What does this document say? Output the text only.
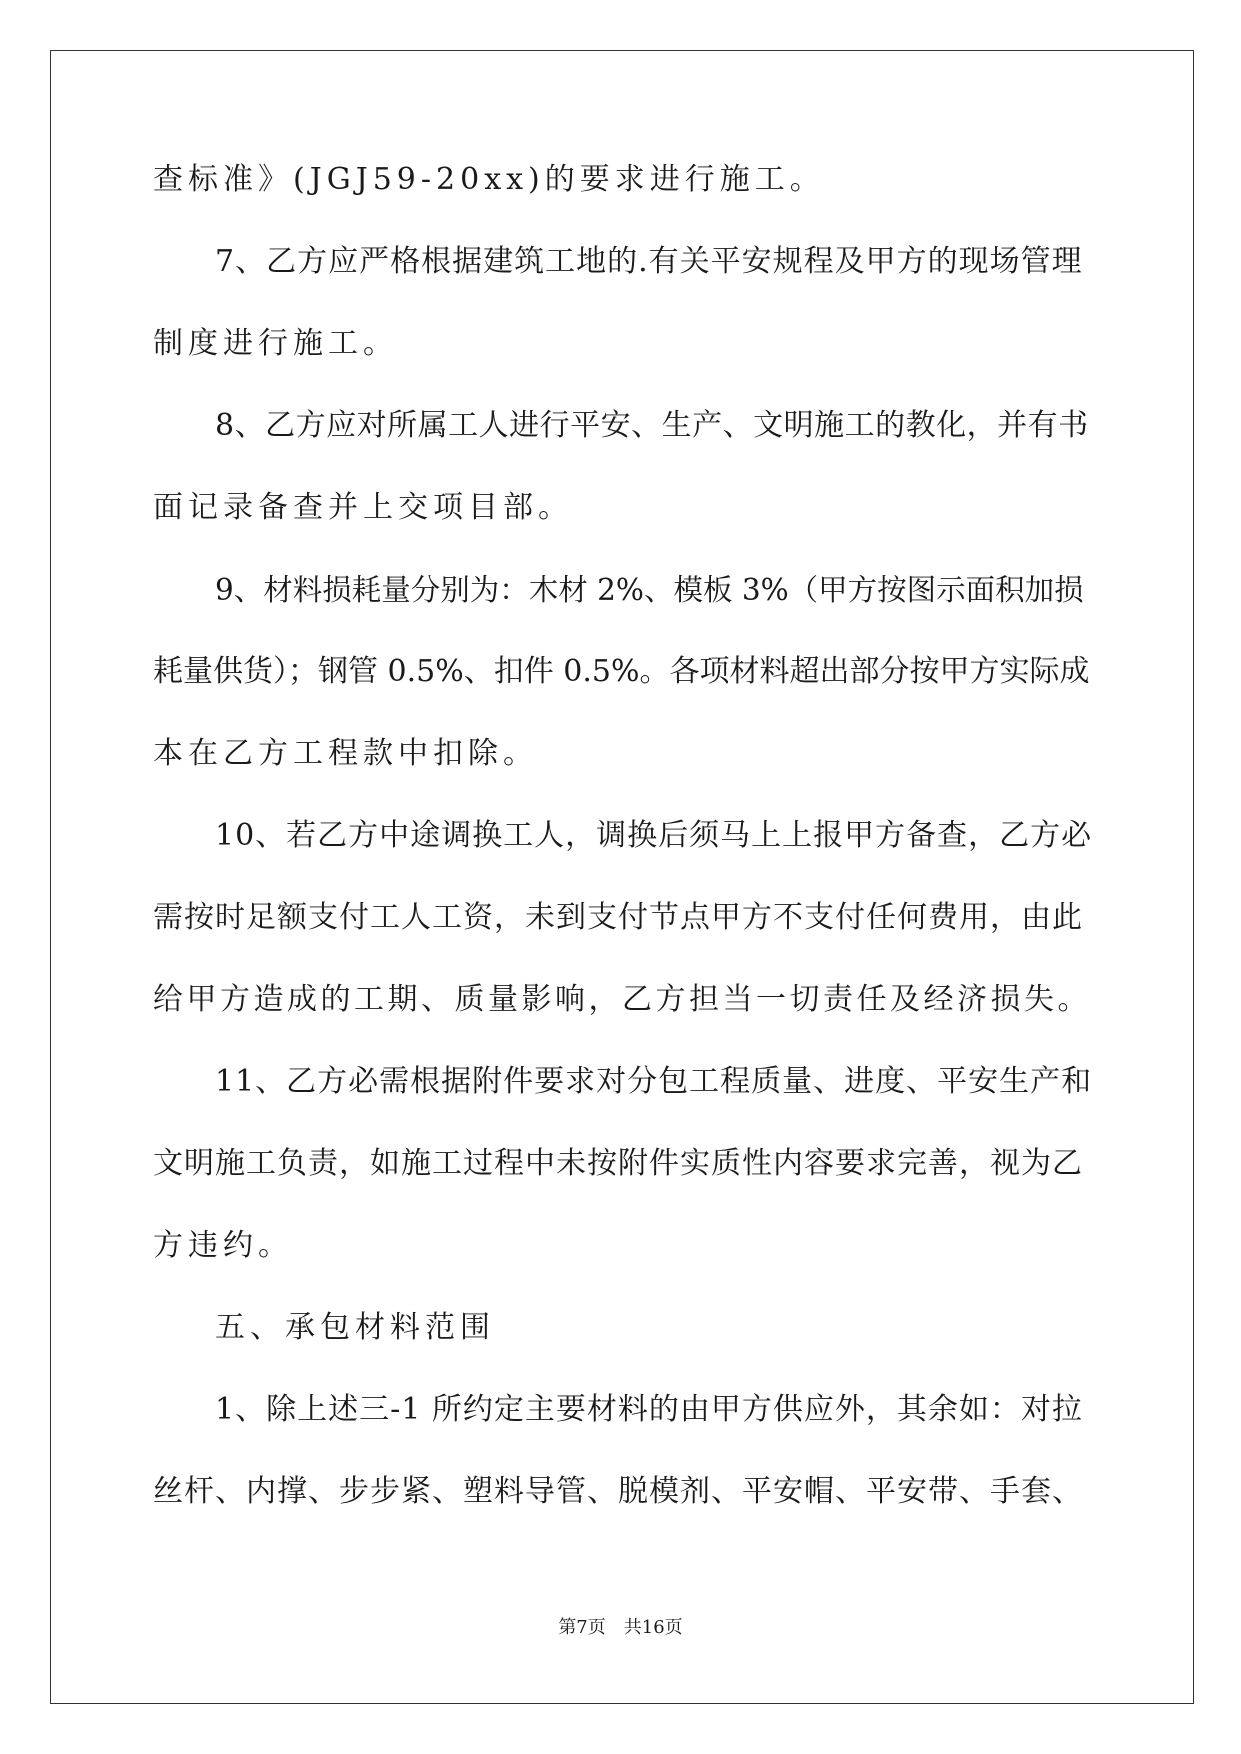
查标准》(JGJ59-20xx)的要求进行施工。
7、乙方应严格根据建筑工地的.有关平安规程及甲方的现场管理
制度进行施工。
8、乙方应对所属工人进行平安、生产、文明施工的教化，并有书
面记录备查并上交项目部。
9、材料损耗量分别为：木材 2%、模板 3%（甲方按图示面积加损
耗量供货）；钢管 0.5%、扣件 0.5%。各项材料超出部分按甲方实际成
本在乙方工程款中扣除。
10、若乙方中途调换工人，调换后须马上上报甲方备查，乙方必
需按时足额支付工人工资，未到支付节点甲方不支付任何费用，由此
给甲方造成的工期、质量影响，乙方担当一切责任及经济损失。
11、乙方必需根据附件要求对分包工程质量、进度、平安生产和
文明施工负责，如施工过程中未按附件实质性内容要求完善，视为乙
方违约。
五、承包材料范围
1、除上述三-1 所约定主要材料的由甲方供应外，其余如：对拉
丝杆、内撑、步步紧、塑料导管、脱模剂、平安帽、平安带、手套、
第7页 共16页
